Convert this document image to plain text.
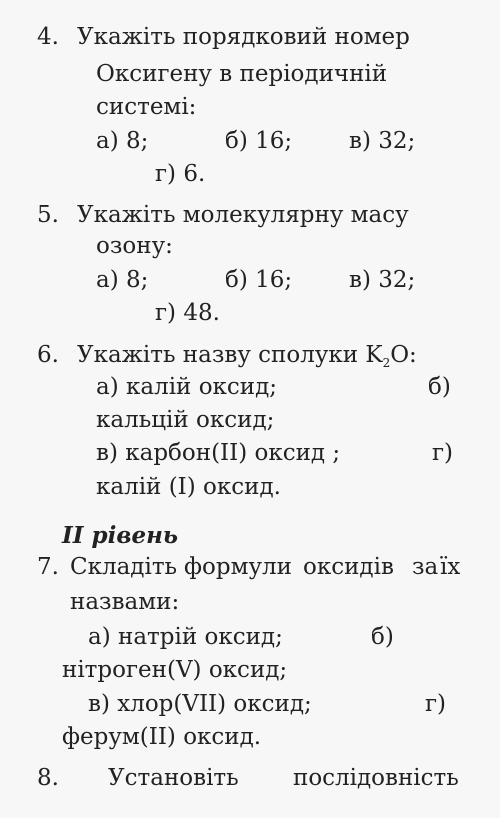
4. Укажіть порядковий номер
Оксигену в періодичній
системі:
а) 8;	б) 16; в) 32;
г) 6.
5. Укажіть молекулярну масу
озону:
а) 8;	б) 16; в) 32;
г) 48.
6. Укажіть назву сполуки $K_2O$:
а) калій оксид;	б)
кальцій оксид;
в) карбон(II) оксид ;	г)
калій (I) оксид.
II рівень
7. Складіть формули оксидів за їх
назвами:
а) натрій оксид;	б)
нітроген(V) оксид;
в) хлор(VII) оксид;	г)
ферум(II) оксид.
8. Установіть послідовність
